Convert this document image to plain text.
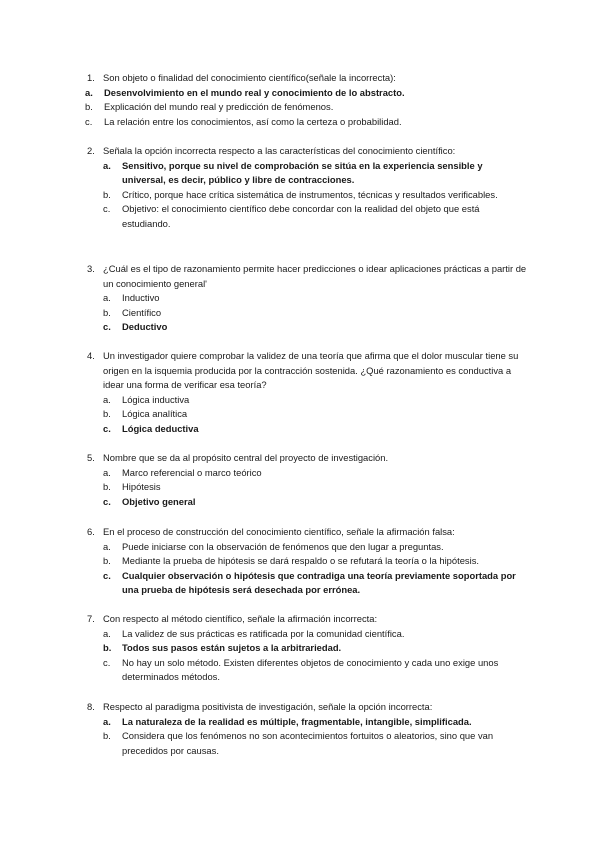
1. Son objeto o finalidad del conocimiento científico(señale la incorrecta):
a.	Desenvolvimiento en el mundo real y conocimiento de lo abstracto.
b.	Explicación del mundo real y predicción de fenómenos.
c.	La relación entre los conocimientos, así como la certeza o probabilidad.
2. Señala la opción incorrecta respecto a las características del conocimiento científico:
a.	Sensitivo, porque su nivel de comprobación se sitúa en la experiencia sensible y universal, es decir, público y libre de contracciones.
b.	Crítico, porque hace crítica sistemática de instrumentos, técnicas y resultados verificables.
c.	Objetivo: el conocimiento científico debe concordar con la realidad del objeto que está estudiando.
3. ¿Cuál es el tipo de razonamiento permite hacer predicciones o idear aplicaciones prácticas a partir de un conocimiento general'
a.	Inductivo
b.	Científico
c.	Deductivo
4. Un investigador quiere comprobar la validez de una teoría que afirma que el dolor muscular tiene su origen en la isquemia producida por la contracción sostenida. ¿Qué razonamiento es conductiva a idear una forma de verificar esa teoría?
a.	Lógica inductiva
b.	Lógica analítica
c.	Lógica deductiva
5. Nombre que se da al propósito central del proyecto de investigación.
a.	Marco referencial o marco teórico
b.	Hipótesis
c.	Objetivo general
6. En el proceso de construcción del conocimiento científico, señale la afirmación falsa:
a.	Puede iniciarse con la observación de fenómenos que den lugar a preguntas.
b.	Mediante la prueba de hipótesis se dará respaldo o se refutará la teoría o la hipótesis.
c.	Cualquier observación o hipótesis que contradiga una teoría previamente soportada por una prueba de hipótesis será desechada por errónea.
7. Con respecto al método científico, señale la afirmación incorrecta:
a.	La validez de sus prácticas es ratificada por la comunidad científica.
b.	Todos sus pasos están sujetos a la arbitrariedad.
c.	No hay un solo método. Existen diferentes objetos de conocimiento y cada uno exige unos determinados métodos.
8. Respecto al paradigma positivista de investigación, señale la opción incorrecta:
a.	La naturaleza de la realidad es múltiple, fragmentable, intangible, simplificada.
b.	Considera que los fenómenos no son acontecimientos fortuitos o aleatorios, sino que van precedidos por causas.
